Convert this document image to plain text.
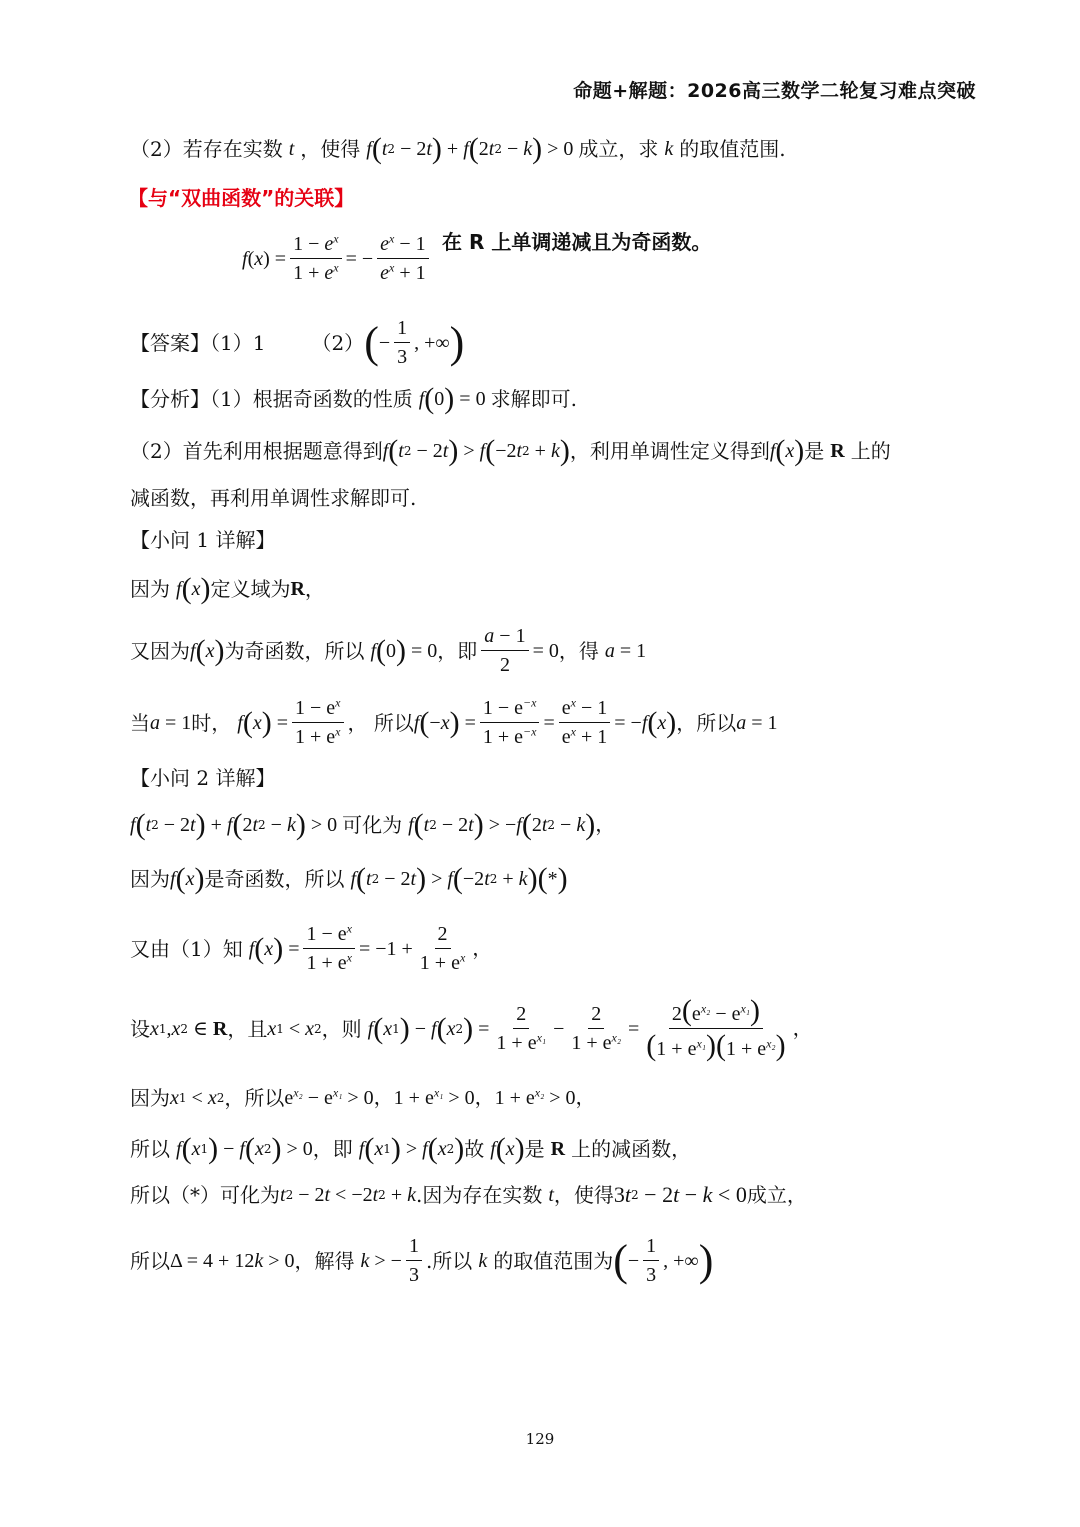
命题+解题：2026高三数学二轮复习难点突破
（2）若存在实数 t ，使得 f ( t 2 − 2 t ) + f ( 2 t 2 − k ) > 0 成立，求 k 的取值范围.
【与“双曲函数”的关联】
f ( x ) = $\frac{1 - e^x}{1 + e^x}$ = − $\frac{e^x - 1}{e^x + 1}$ 在 R 上单调递减且为奇函数。
【答案】（1）1 （2） ( − $\frac{1}{3}$ , +∞ )
【分析】（1）根据奇函数的性质 f ( 0 ) = 0 求解即可.
（2）首先利用根据题意得到 f ( t 2 − 2 t ) > f ( −2 t 2 + k ) ，利用单调性定义得到 f ( x ) 是 R 上的
减函数，再利用单调性求解即可.
【小问 1 详解】
因为 f ( x ) 定义域为 R ，
又因为 f ( x ) 为奇函数，所以 f ( 0 ) = 0 ，即 $\frac{a - 1}{2} = 0$ ，得 a = 1
当 a = 1 时， f ( x ) = $\frac{1 - e^x}{1 + e^x}$ ， 所以 f ( − x ) = $\frac{1 - e^{-x}}{1 + e^{-x}} = \frac{e^x - 1}{e^x + 1}$ = − f ( x ) ，所以 a = 1
【小问 2 详解】
f ( t 2 − 2 t ) + f ( 2 t 2 − k ) > 0 可化为 f ( t 2 − 2 t ) > − f ( 2 t 2 − k ) ，
因为 f ( x ) 是奇函数，所以 f ( t 2 − 2 t ) > f ( −2 t 2 + k ) ( * )
又由（1）知 f ( x ) = $\frac{1 - e^x}{1 + e^x} = -1 + \frac{2}{1 + e^x}$ ，
设 x 1 , x 2 ∈ R ，且 x 1 < x 2 ，则 f ( x 1 ) − f ( x 2 ) = $\frac{2}{1 + e^{x_1}} - \frac{2}{1 + e^{x_2}} = \frac{2(e^{x_2} - e^{x_1})}{(1 + e^{x_1})(1 + e^{x_2})}$ ，
因为 x 1 < x 2 ，所以 $e^{x_2} - e^{x_1} > 0$，$1 + e^{x_1} > 0$，$1 + e^{x_2} > 0$，
所以 f ( x 1 ) − f ( x 2 ) > 0 ，即 f ( x 1 ) > f ( x 2 ) 故 f ( x ) 是 R 上的减函数，
所以（*）可化为 t 2 − 2 t < −2 t 2 + k .因为存在实数 t ，使得 3 t 2 − 2 t − k < 0 成立，
所以 Δ = 4 + 12 k > 0 ，解得 k > − $\frac{1}{3}$ .所以 k 的取值范围为 ( − $\frac{1}{3}$ , +∞ )
129
